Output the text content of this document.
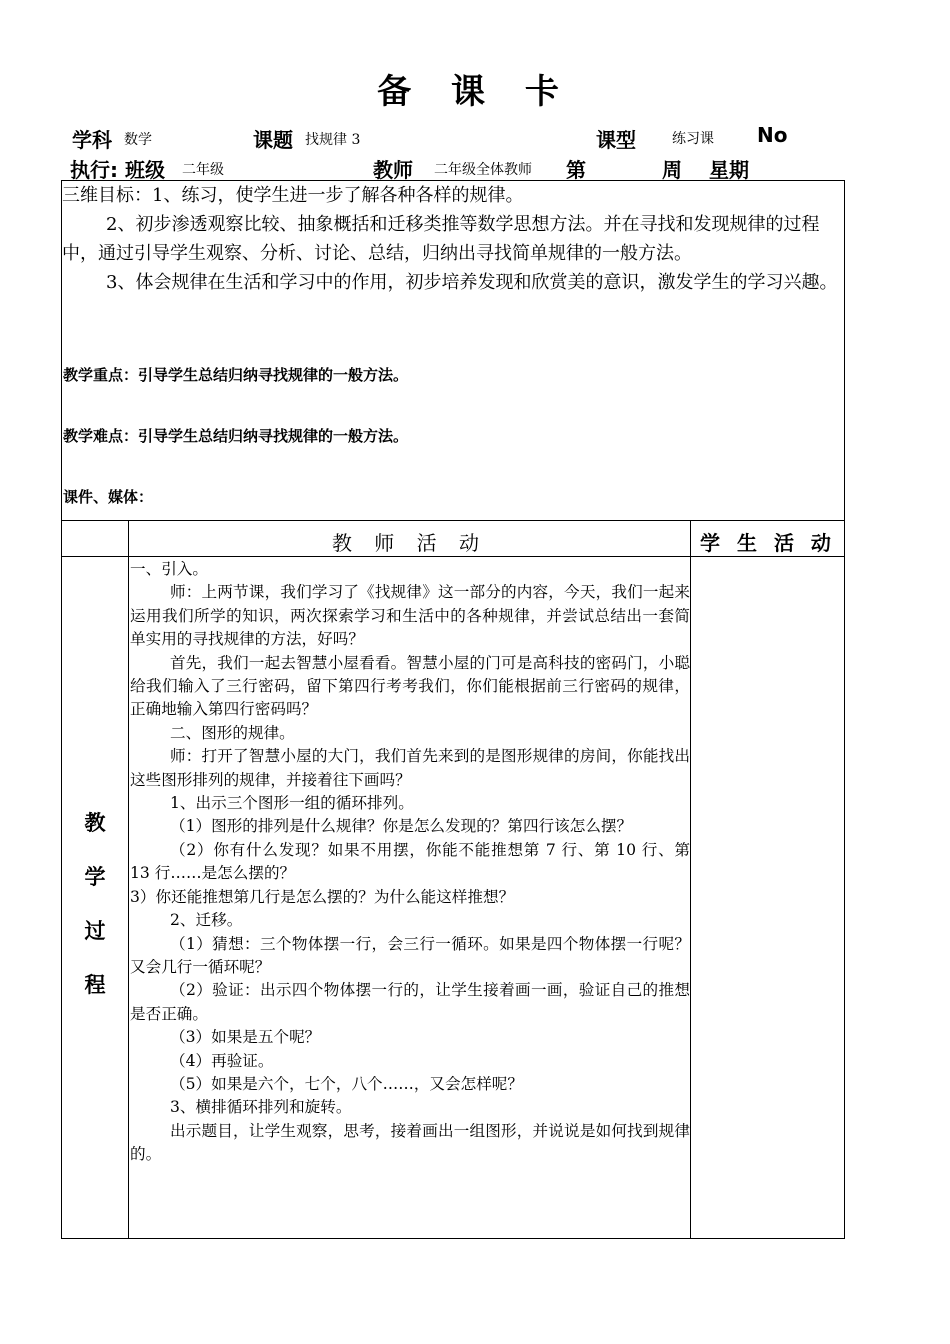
备 课 卡
学科 数学	课题 找规律 3	课型	练习课 No
执行: 班级 二年级	教师 二年级全体教师 第	周 星期

三维目标：1、练习，使学生进一步了解各种各样的规律。

2、初步渗透观察比较、抽象概括和迁移类推等数学思想方法。并在寻找和发现规律的过程中，通过引导学生观察、分析、讨论、总结，归纳出寻找简单规律的一般方法。

3、体会规律在生活和学习中的作用，初步培养发现和欣赏美的意识，激发学生的学习兴趣。

教学重点：引导学生总结归纳寻找规律的一般方法。
教学难点：引导学生总结归纳寻找规律的一般方法。
课件、媒体：
教 师 活 动	学 生 活 动
教
学
过
程

一、引入。

师：上两节课，我们学习了《找规律》这一部分的内容，今天，我们一起来运用我们所学的知识，两次探索学习和生活中的各种规律，并尝试总结出一套简单实用的寻找规律的方法，好吗？

首先，我们一起去智慧小屋看看。智慧小屋的门可是高科技的密码门，小聪给我们输入了三行密码，留下第四行考考我们，你们能根据前三行密码的规律，正确地输入第四行密码吗？

二、图形的规律。

师：打开了智慧小屋的大门，我们首先来到的是图形规律的房间，你能找出这些图形排列的规律，并接着往下画吗？

1、出示三个图形一组的循环排列。

（1）图形的排列是什么规律？你是怎么发现的？第四行该怎么摆？

（2）你有什么发现？如果不用摆，你能不能推想第 7 行、第 10 行、第 13 行……是怎么摆的？

3）你还能推想第几行是怎么摆的？为什么能这样推想？

2、迁移。

（1）猜想：三个物体摆一行，会三行一循环。如果是四个物体摆一行呢？又会几行一循环呢？

（2）验证：出示四个物体摆一行的，让学生接着画一画，验证自己的推想是否正确。

（3）如果是五个呢？

（4）再验证。

（5）如果是六个，七个，八个……，又会怎样呢？

3、横排循环排列和旋转。

出示题目，让学生观察，思考，接着画出一组图形，并说说是如何找到规律的。
